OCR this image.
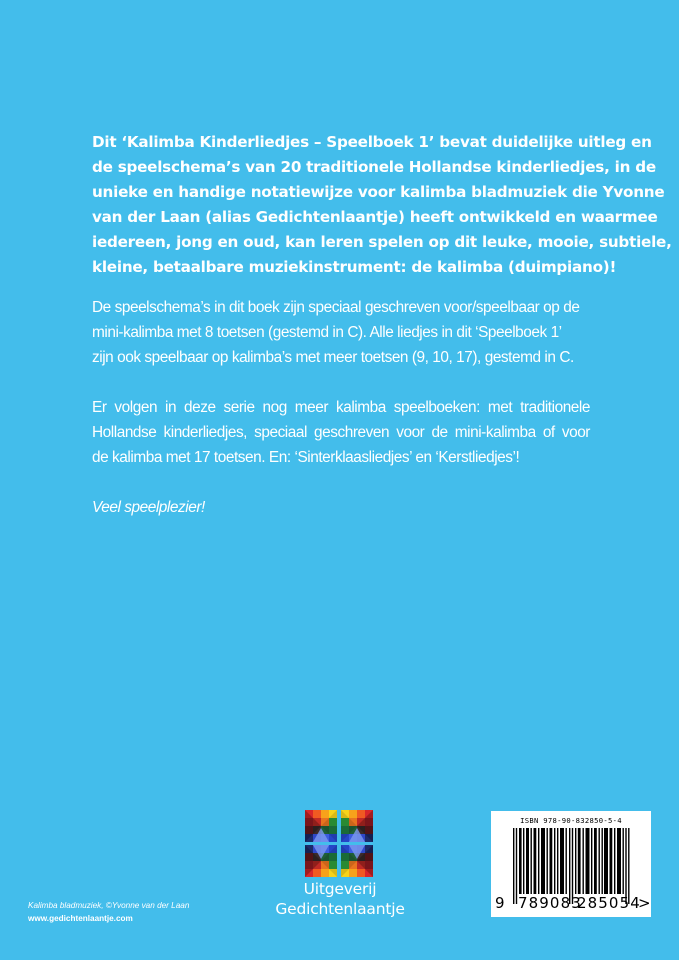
Dit ‘Kalimba Kinderliedjes – Speelboek 1’ bevat duidelijke uitleg en

de speelschema’s van 20 traditionele Hollandse kinderliedjes, in de

unieke en handige notatiewijze voor kalimba bladmuziek die Yvonne

van der Laan (alias Gedichtenlaantje) heeft ontwikkeld en waarmee

iedereen, jong en oud, kan leren spelen op dit leuke, mooie, subtiele,

kleine, betaalbare muziekinstrument: de kalimba (duimpiano)!

De speelschema’s in dit boek zijn speciaal geschreven voor/speelbaar op de

mini-kalimba met 8 toetsen (gestemd in C). Alle liedjes in dit ‘Speelboek 1’

zijn ook speelbaar op kalimba’s met meer toetsen (9, 10, 17), gestemd in C.

Er volgen in deze serie nog meer kalimba speelboeken: met traditionele

Hollandse kinderliedjes, speciaal geschreven voor de mini-kalimba of voor

de kalimba met 17 toetsen. En: ‘Sinterklaasliedjes’ en ‘Kerstliedjes’!

Veel speelplezier!

Kalimba bladmuziek, ©Yvonne van der Laan
www.gedichtenlaantje.com
Uitgeverij
Gedichtenlaantje
ISBN 978-90-832850-5-4
9 789083
285054
>
